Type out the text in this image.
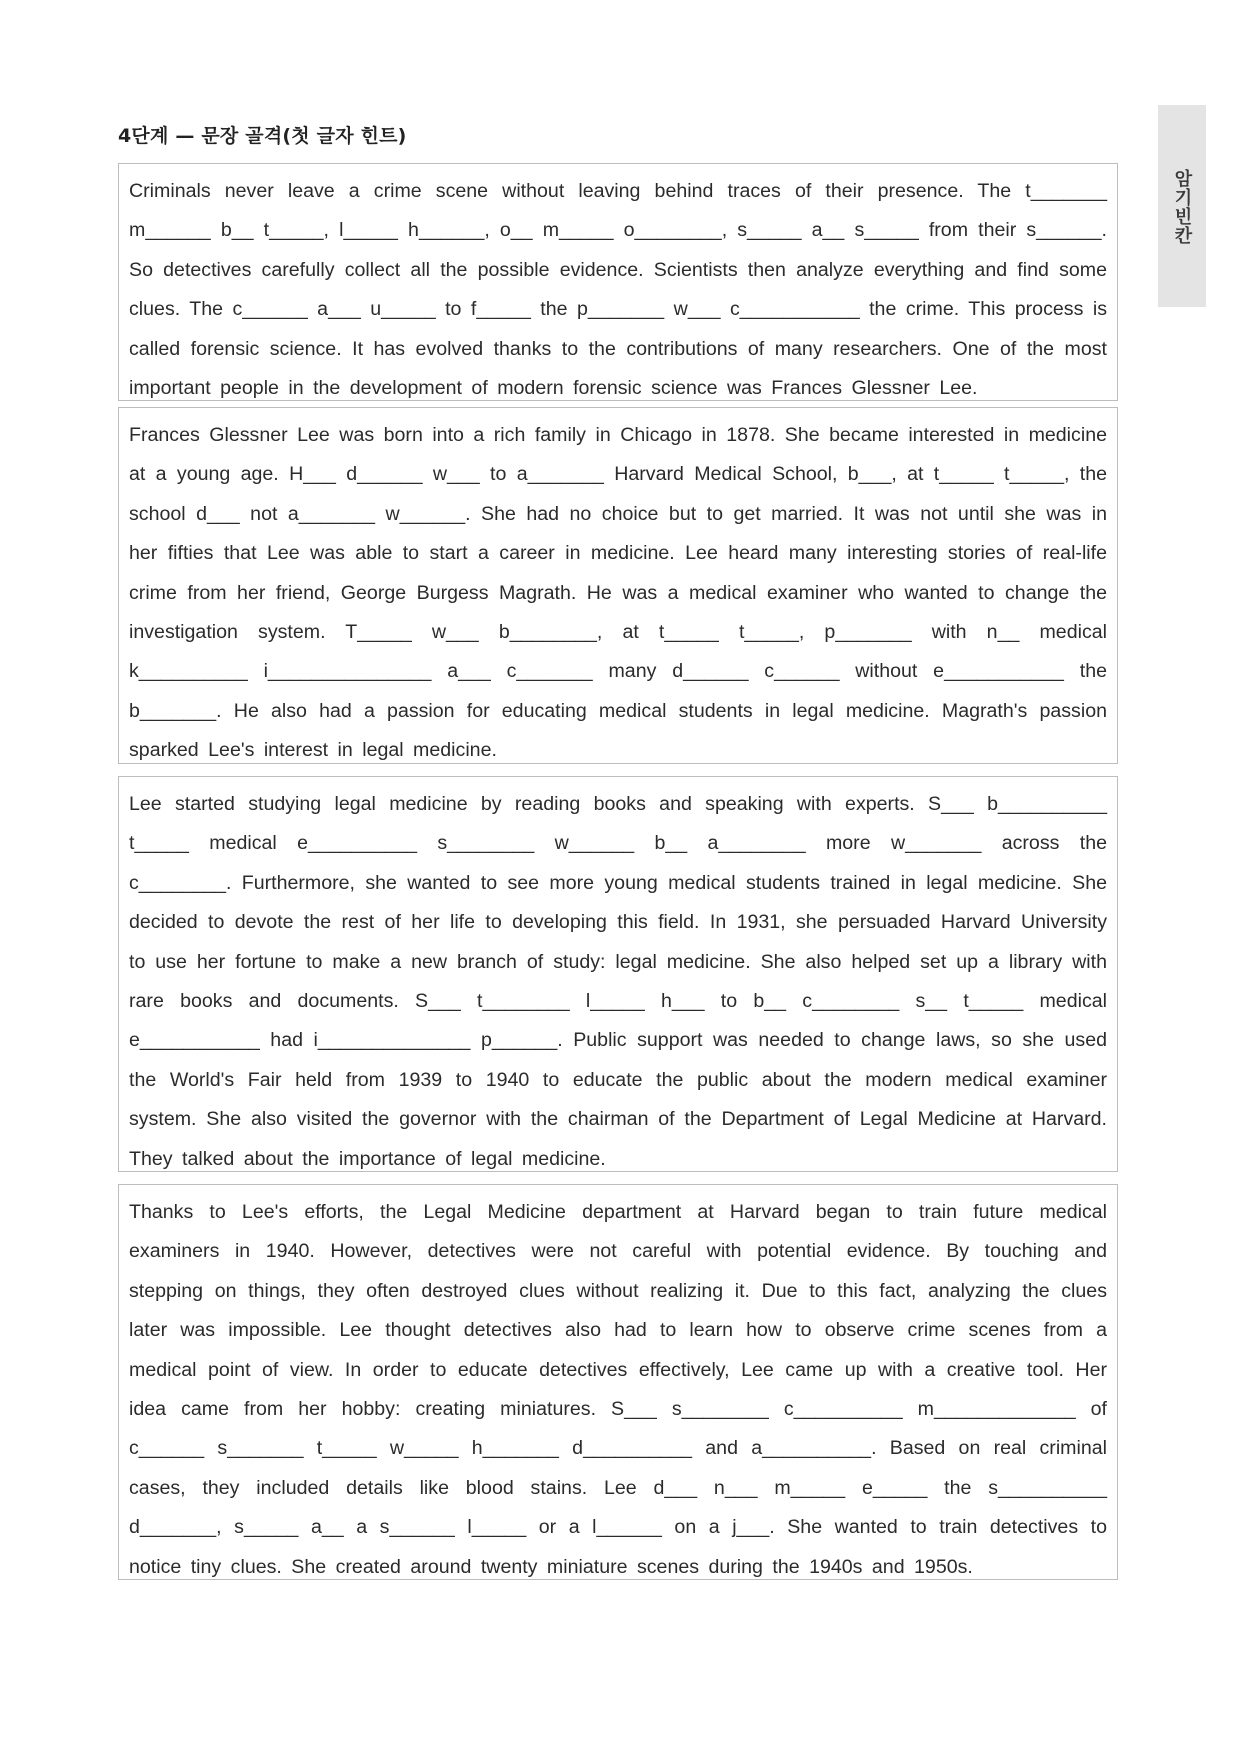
4단계 — 문장 골격(첫 글자 힌트)
암기빈칸
Criminals never leave a crime scene without leaving behind traces of their presence. The t_______ m______ b__ t_____, l_____ h______, o__ m_____ o________, s_____ a__ s_____ from their s______. So detectives carefully collect all the possible evidence. Scientists then analyze everything and find some clues. The c______ a___ u_____ to f_____ the p_______ w___ c___________ the crime. This process is called forensic science. It has evolved thanks to the contributions of many researchers. One of the most important people in the development of modern forensic science was Frances Glessner Lee.
Frances Glessner Lee was born into a rich family in Chicago in 1878. She became interested in medicine at a young age. H___ d______ w___ to a_______ Harvard Medical School, b___, at t_____ t_____, the school d___ not a_______ w______. She had no choice but to get married. It was not until she was in her fifties that Lee was able to start a career in medicine. Lee heard many interesting stories of real-life crime from her friend, George Burgess Magrath. He was a medical examiner who wanted to change the investigation system. T_____ w___ b________, at t_____ t_____, p_______ with n__ medical k__________ i_______________ a___ c_______ many d______ c______ without e___________ the b_______. He also had a passion for educating medical students in legal medicine. Magrath's passion sparked Lee's interest in legal medicine.
Lee started studying legal medicine by reading books and speaking with experts. S___ b__________ t_____ medical e__________ s________ w______ b__ a________ more w_______ across the c________. Furthermore, she wanted to see more young medical students trained in legal medicine. She decided to devote the rest of her life to developing this field. In 1931, she persuaded Harvard University to use her fortune to make a new branch of study: legal medicine. She also helped set up a library with rare books and documents. S___ t________ l_____ h___ to b__ c________ s__ t_____ medical e___________ had i______________ p______. Public support was needed to change laws, so she used the World's Fair held from 1939 to 1940 to educate the public about the modern medical examiner system. She also visited the governor with the chairman of the Department of Legal Medicine at Harvard. They talked about the importance of legal medicine.
Thanks to Lee's efforts, the Legal Medicine department at Harvard began to train future medical examiners in 1940. However, detectives were not careful with potential evidence. By touching and stepping on things, they often destroyed clues without realizing it. Due to this fact, analyzing the clues later was impossible. Lee thought detectives also had to learn how to observe crime scenes from a medical point of view. In order to educate detectives effectively, Lee came up with a creative tool. Her idea came from her hobby: creating miniatures. S___ s________ c__________ m_____________ of c______ s_______ t_____ w_____ h_______ d__________ and a__________. Based on real criminal cases, they included details like blood stains. Lee d___ n___ m_____ e_____ the s__________ d_______, s_____ a__ a s______ l_____ or a l______ on a j___. She wanted to train detectives to notice tiny clues. She created around twenty miniature scenes during the 1940s and 1950s.
